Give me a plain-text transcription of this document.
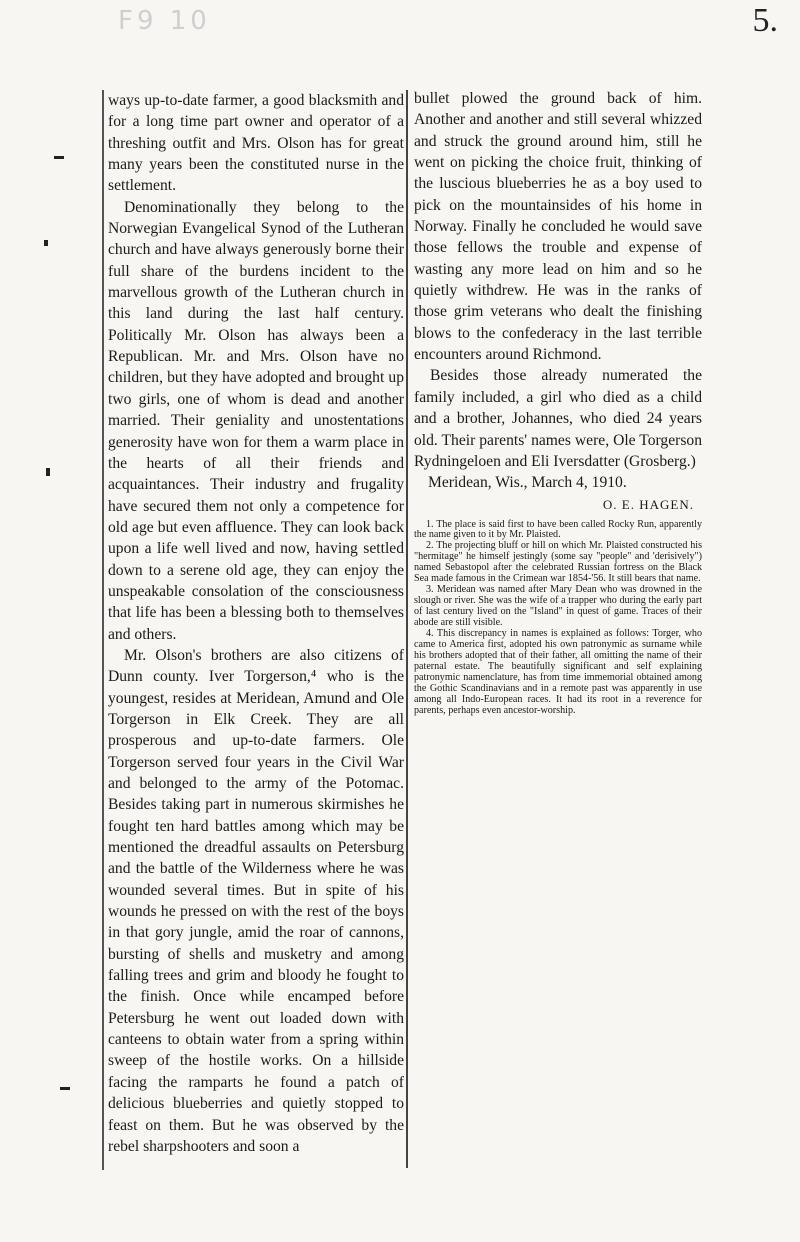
F9 10	5.

ways up-to-date farmer, a good blacksmith and for a long time part owner and operator of a threshing outfit and Mrs. Olson has for great many years been the constituted nurse in the settlement.

Denominationally they belong to the Norwegian Evangelical Synod of the Lutheran church and have always generously borne their full share of the burdens incident to the marvellous growth of the Lutheran church in this land during the last half century. Politically Mr. Olson has always been a Republican. Mr. and Mrs. Olson have no children, but they have adopted and brought up two girls, one of whom is dead and another married. Their geniality and unostentations generosity have won for them a warm place in the hearts of all their friends and acquaintances. Their industry and frugality have secured them not only a competence for old age but even affluence. They can look back upon a life well lived and now, having settled down to a serene old age, they can enjoy the unspeakable consolation of the consciousness that life has been a blessing both to themselves and others.

Mr. Olson's brothers are also citizens of Dunn county. Iver Torgerson,⁴ who is the youngest, resides at Meridean, Amund and Ole Torgerson in Elk Creek. They are all prosperous and up-to-date farmers. Ole Torgerson served four years in the Civil War and belonged to the army of the Potomac. Besides taking part in numerous skirmishes he fought ten hard battles among which may be mentioned the dreadful assaults on Petersburg and the battle of the Wilderness where he was wounded several times. But in spite of his wounds he pressed on with the rest of the boys in that gory jungle, amid the roar of cannons, bursting of shells and musketry and among falling trees and grim and bloody he fought to the finish. Once while encamped before Petersburg he went out loaded down with canteens to obtain water from a spring within sweep of the hostile works. On a hillside facing the ramparts he found a patch of delicious blueberries and quietly stopped to feast on them. But he was observed by the rebel sharpshooters and soon a

bullet plowed the ground back of him. Another and another and still several whizzed and struck the ground around him, still he went on picking the choice fruit, thinking of the luscious blueberries he as a boy used to pick on the mountainsides of his home in Norway. Finally he concluded he would save those fellows the trouble and expense of wasting any more lead on him and so he quietly withdrew. He was in the ranks of those grim veterans who dealt the finishing blows to the confederacy in the last terrible encounters around Richmond.

Besides those already numerated the family included, a girl who died as a child and a brother, Johannes, who died 24 years old. Their parents' names were, Ole Torgerson Rydningeloen and Eli Iversdatter (Grosberg.)

Meridean, Wis., March 4, 1910.

O. E. HAGEN.

1. The place is said first to have been called Rocky Run, apparently the name given to it by Mr. Plaisted.

2. The projecting bluff or hill on which Mr. Plaisted constructed his "hermitage" he himself jestingly (some say "people" and 'derisively") named Sebastopol after the celebrated Russian fortress on the Black Sea made famous in the Crimean war 1854-'56. It still bears that name.

3. Meridean was named after Mary Dean who was drowned in the slough or river. She was the wife of a trapper who during the early part of last century lived on the "Island" in quest of game. Traces of their abode are still visible.

4. This discrepancy in names is explained as follows: Torger, who came to America first, adopted his own patronymic as surname while his brothers adopted that of their father, all omitting the name of their paternal estate. The beautifully significant and self explaining patronymic namenclature, has from time immemorial obtained among the Gothic Scandinavians and in a remote past was apparently in use among all Indo-European races. It had its root in a reverence for parents, perhaps even ancestor-worship.
